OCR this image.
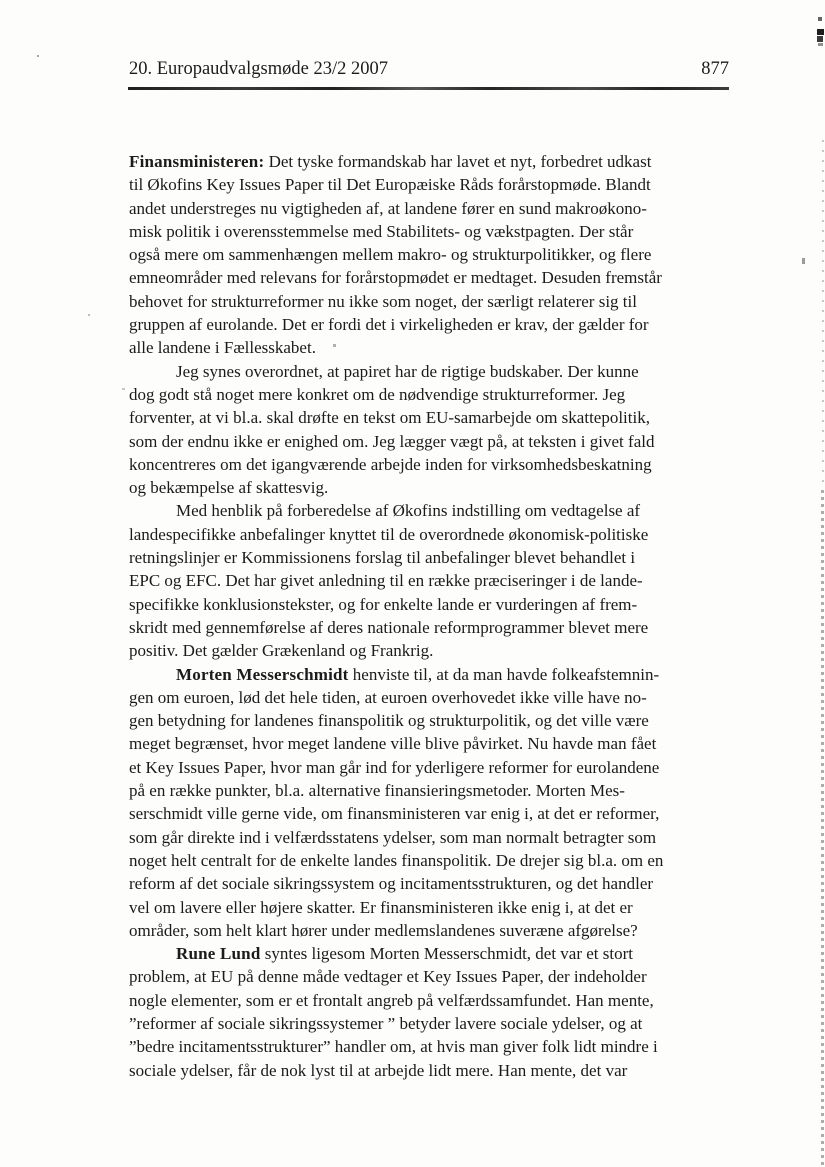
20. Europaudvalgsmøde 23/2 2007	877
Finansministeren: Det tyske formandskab har lavet et nyt, forbedret udkast
til Økofins Key Issues Paper til Det Europæiske Råds forårstopmøde. Blandt
andet understreges nu vigtigheden af, at landene fører en sund makroøkono-
misk politik i overensstemmelse med Stabilitets- og vækstpagten. Der står
også mere om sammenhængen mellem makro- og strukturpolitikker, og flere
emneområder med relevans for forårstopmødet er medtaget. Desuden fremstår
behovet for strukturreformer nu ikke som noget, der særligt relaterer sig til
gruppen af eurolande. Det er fordi det i virkeligheden er krav, der gælder for
alle landene i Fællesskabet.
Jeg synes overordnet, at papiret har de rigtige budskaber. Der kunne
dog godt stå noget mere konkret om de nødvendige strukturreformer. Jeg
forventer, at vi bl.a. skal drøfte en tekst om EU-samarbejde om skattepolitik,
som der endnu ikke er enighed om. Jeg lægger vægt på, at teksten i givet fald
koncentreres om det igangværende arbejde inden for virksomhedsbeskatning
og bekæmpelse af skattesvig.
Med henblik på forberedelse af Økofins indstilling om vedtagelse af
landespecifikke anbefalinger knyttet til de overordnede økonomisk-politiske
retningslinjer er Kommissionens forslag til anbefalinger blevet behandlet i
EPC og EFC. Det har givet anledning til en række præciseringer i de lande-
specifikke konklusionstekster, og for enkelte lande er vurderingen af frem-
skridt med gennemførelse af deres nationale reformprogrammer blevet mere
positiv. Det gælder Grækenland og Frankrig.
Morten Messerschmidt henviste til, at da man havde folkeafstemnin-
gen om euroen, lød det hele tiden, at euroen overhovedet ikke ville have no-
gen betydning for landenes finanspolitik og strukturpolitik, og det ville være
meget begrænset, hvor meget landene ville blive påvirket. Nu havde man fået
et Key Issues Paper, hvor man går ind for yderligere reformer for eurolandene
på en række punkter, bl.a. alternative finansieringsmetoder. Morten Mes-
serschmidt ville gerne vide, om finansministeren var enig i, at det er reformer,
som går direkte ind i velfærdsstatens ydelser, som man normalt betragter som
noget helt centralt for de enkelte landes finanspolitik. De drejer sig bl.a. om en
reform af det sociale sikringssystem og incitamentsstrukturen, og det handler
vel om lavere eller højere skatter. Er finansministeren ikke enig i, at det er
områder, som helt klart hører under medlemslandenes suveræne afgørelse?
Rune Lund syntes ligesom Morten Messerschmidt, det var et stort
problem, at EU på denne måde vedtager et Key Issues Paper, der indeholder
nogle elementer, som er et frontalt angreb på velfærdssamfundet. Han mente,
”reformer af sociale sikringssystemer ” betyder lavere sociale ydelser, og at
”bedre incitamentsstrukturer” handler om, at hvis man giver folk lidt mindre i
sociale ydelser, får de nok lyst til at arbejde lidt mere. Han mente, det var
